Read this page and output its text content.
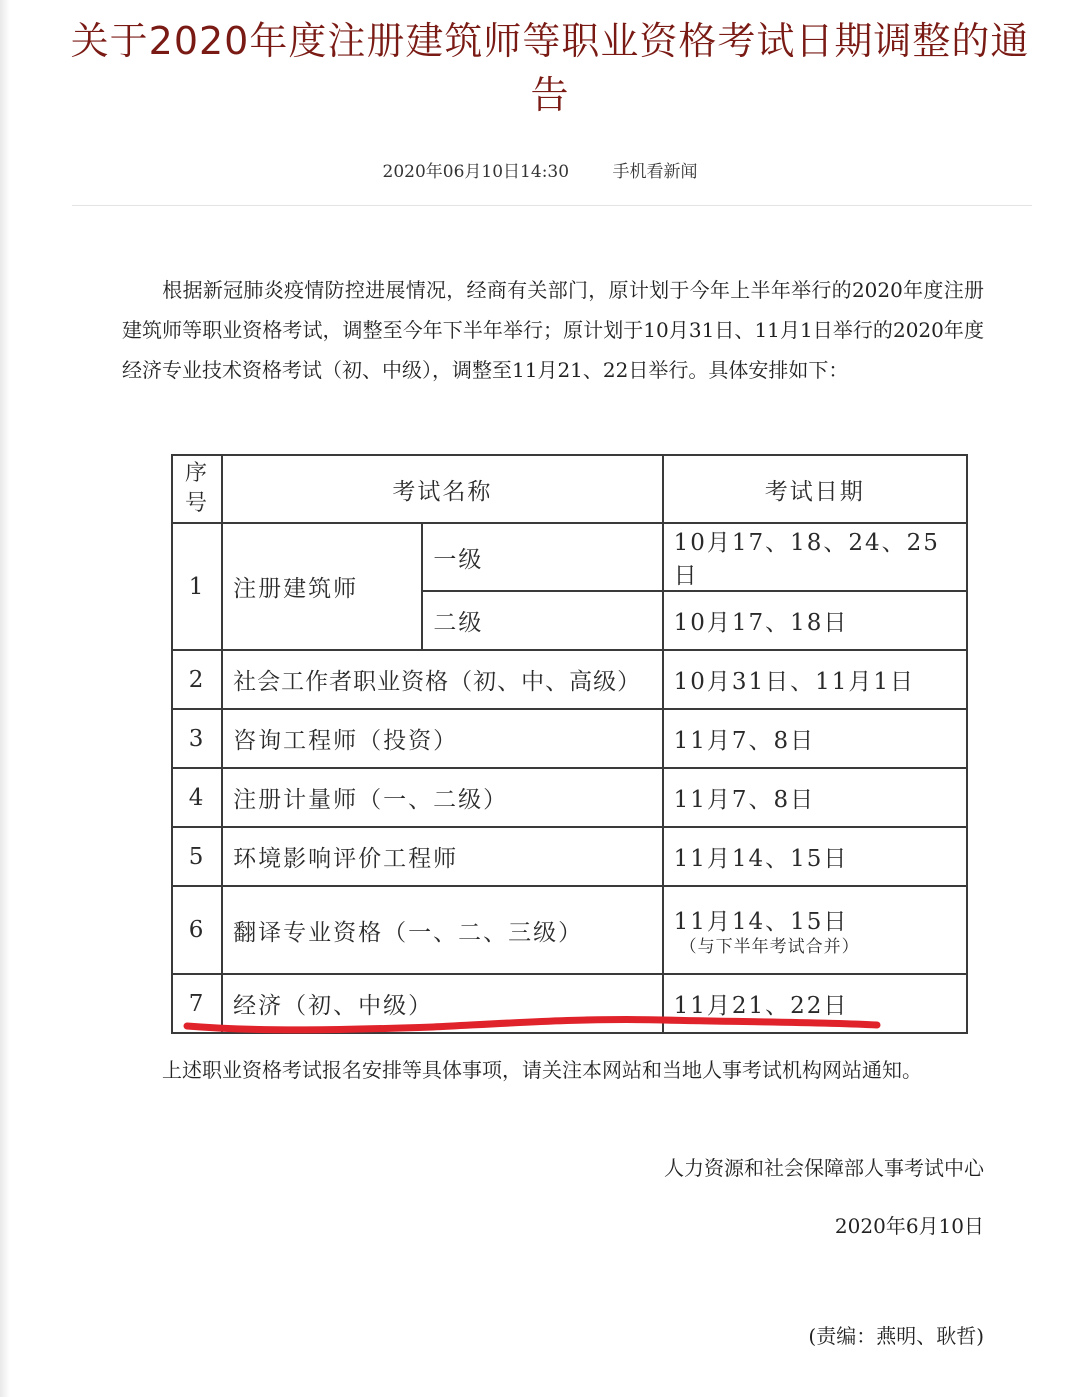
关于2020年度注册建筑师等职业资格考试日期调整的通告
2020年06月10日14:30	手机看新闻
根据新冠肺炎疫情防控进展情况，经商有关部门，原计划于今年上半年举行的2020年度注册建筑师等职业资格考试，调整至今年下半年举行；原计划于10月31日、11月1日举行的2020年度经济专业技术资格考试（初、中级），调整至11月21、22日举行。具体安排如下：
序号	考试名称		考试日期
1	注册建筑师	一级	10月17、18、24、25日
		二级	10月17、18日
2	社会工作者职业资格（初、中、高级）		10月31日、11月1日
3	咨询工程师（投资）		11月7、8日
4	注册计量师（一、二级）		11月7、8日
5	环境影响评价工程师		11月14、15日
6	翻译专业资格（一、二、三级）		11月14、15日
（与下半年考试合并）

7	经济（初、中级）		11月21、22日
上述职业资格考试报名安排等具体事项，请关注本网站和当地人事考试机构网站通知。
人力资源和社会保障部人事考试中心
2020年6月10日
(责编：燕明、耿哲)
